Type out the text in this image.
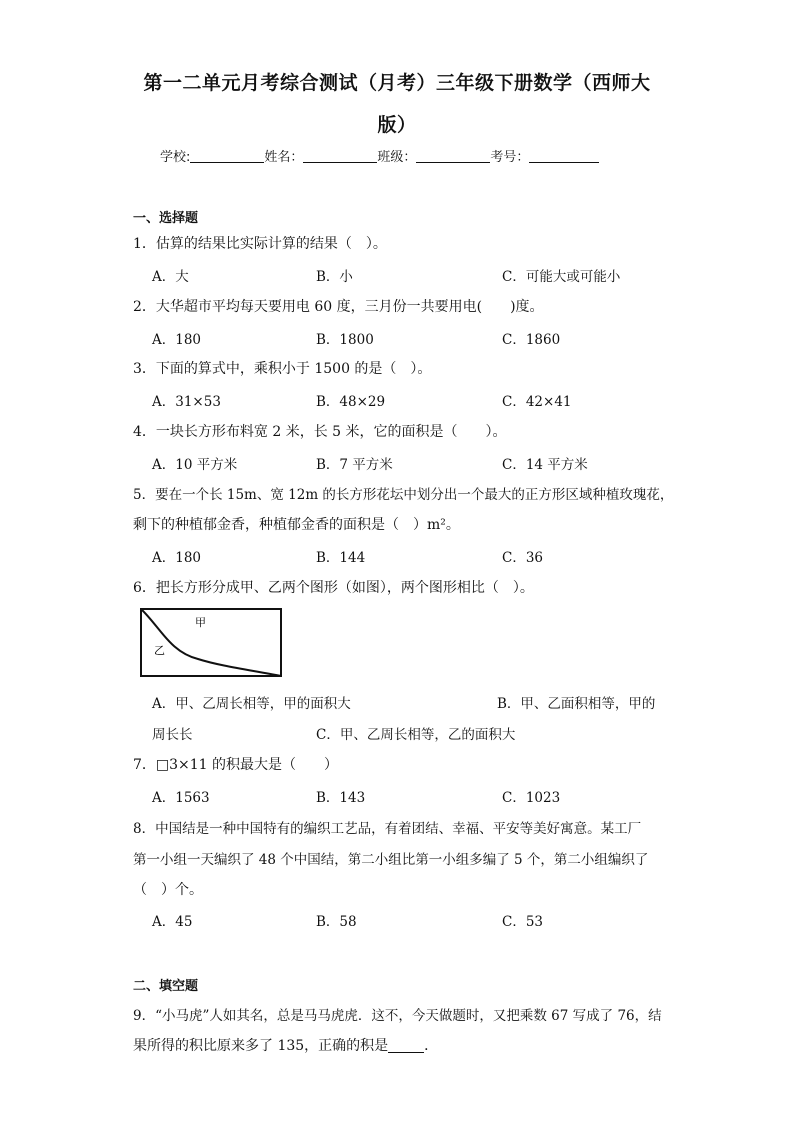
第一二单元月考综合测试（月考）三年级下册数学（西师大
版）
学校:	姓名：	班级：	考号：
一、选择题
1．估算的结果比实际计算的结果（　）。
A．大	B．小	C．可能大或可能小
2．大华超市平均每天要用电 60 度，三月份一共要用电(　　)度。
A．180	B．1800	C．1860
3．下面的算式中，乘积小于 1500 的是（　）。
A．31×53	B．48×29	C．42×41
4．一块长方形布料宽 2 米，长 5 米，它的面积是（　　）。
A．10 平方米	B．7 平方米	C．14 平方米
5．要在一个长 15m、宽 12m 的长方形花坛中划分出一个最大的正方形区域种植玫瑰花，
剩下的种植郁金香，种植郁金香的面积是（　）m²。
A．180	B．144	C．36
6．把长方形分成甲、乙两个图形（如图），两个图形相比（　）。
甲
乙
A．甲、乙周长相等，甲的面积大	B．甲、乙面积相等，甲的
周长长	C．甲、乙周长相等，乙的面积大
7．□3×11 的积最大是（　　）
A．1563	B．143	C．1023
8．中国结是一种中国特有的编织工艺品，有着团结、幸福、平安等美好寓意。某工厂
第一小组一天编织了 48 个中国结，第二小组比第一小组多编了 5 个，第二小组编织了
（　）个。
A．45	B．58	C．53
二、填空题
9．“小马虎”人如其名，总是马马虎虎．这不，今天做题时，又把乘数 67 写成了 76，结
果所得的积比原来多了 135，正确的积是	．
